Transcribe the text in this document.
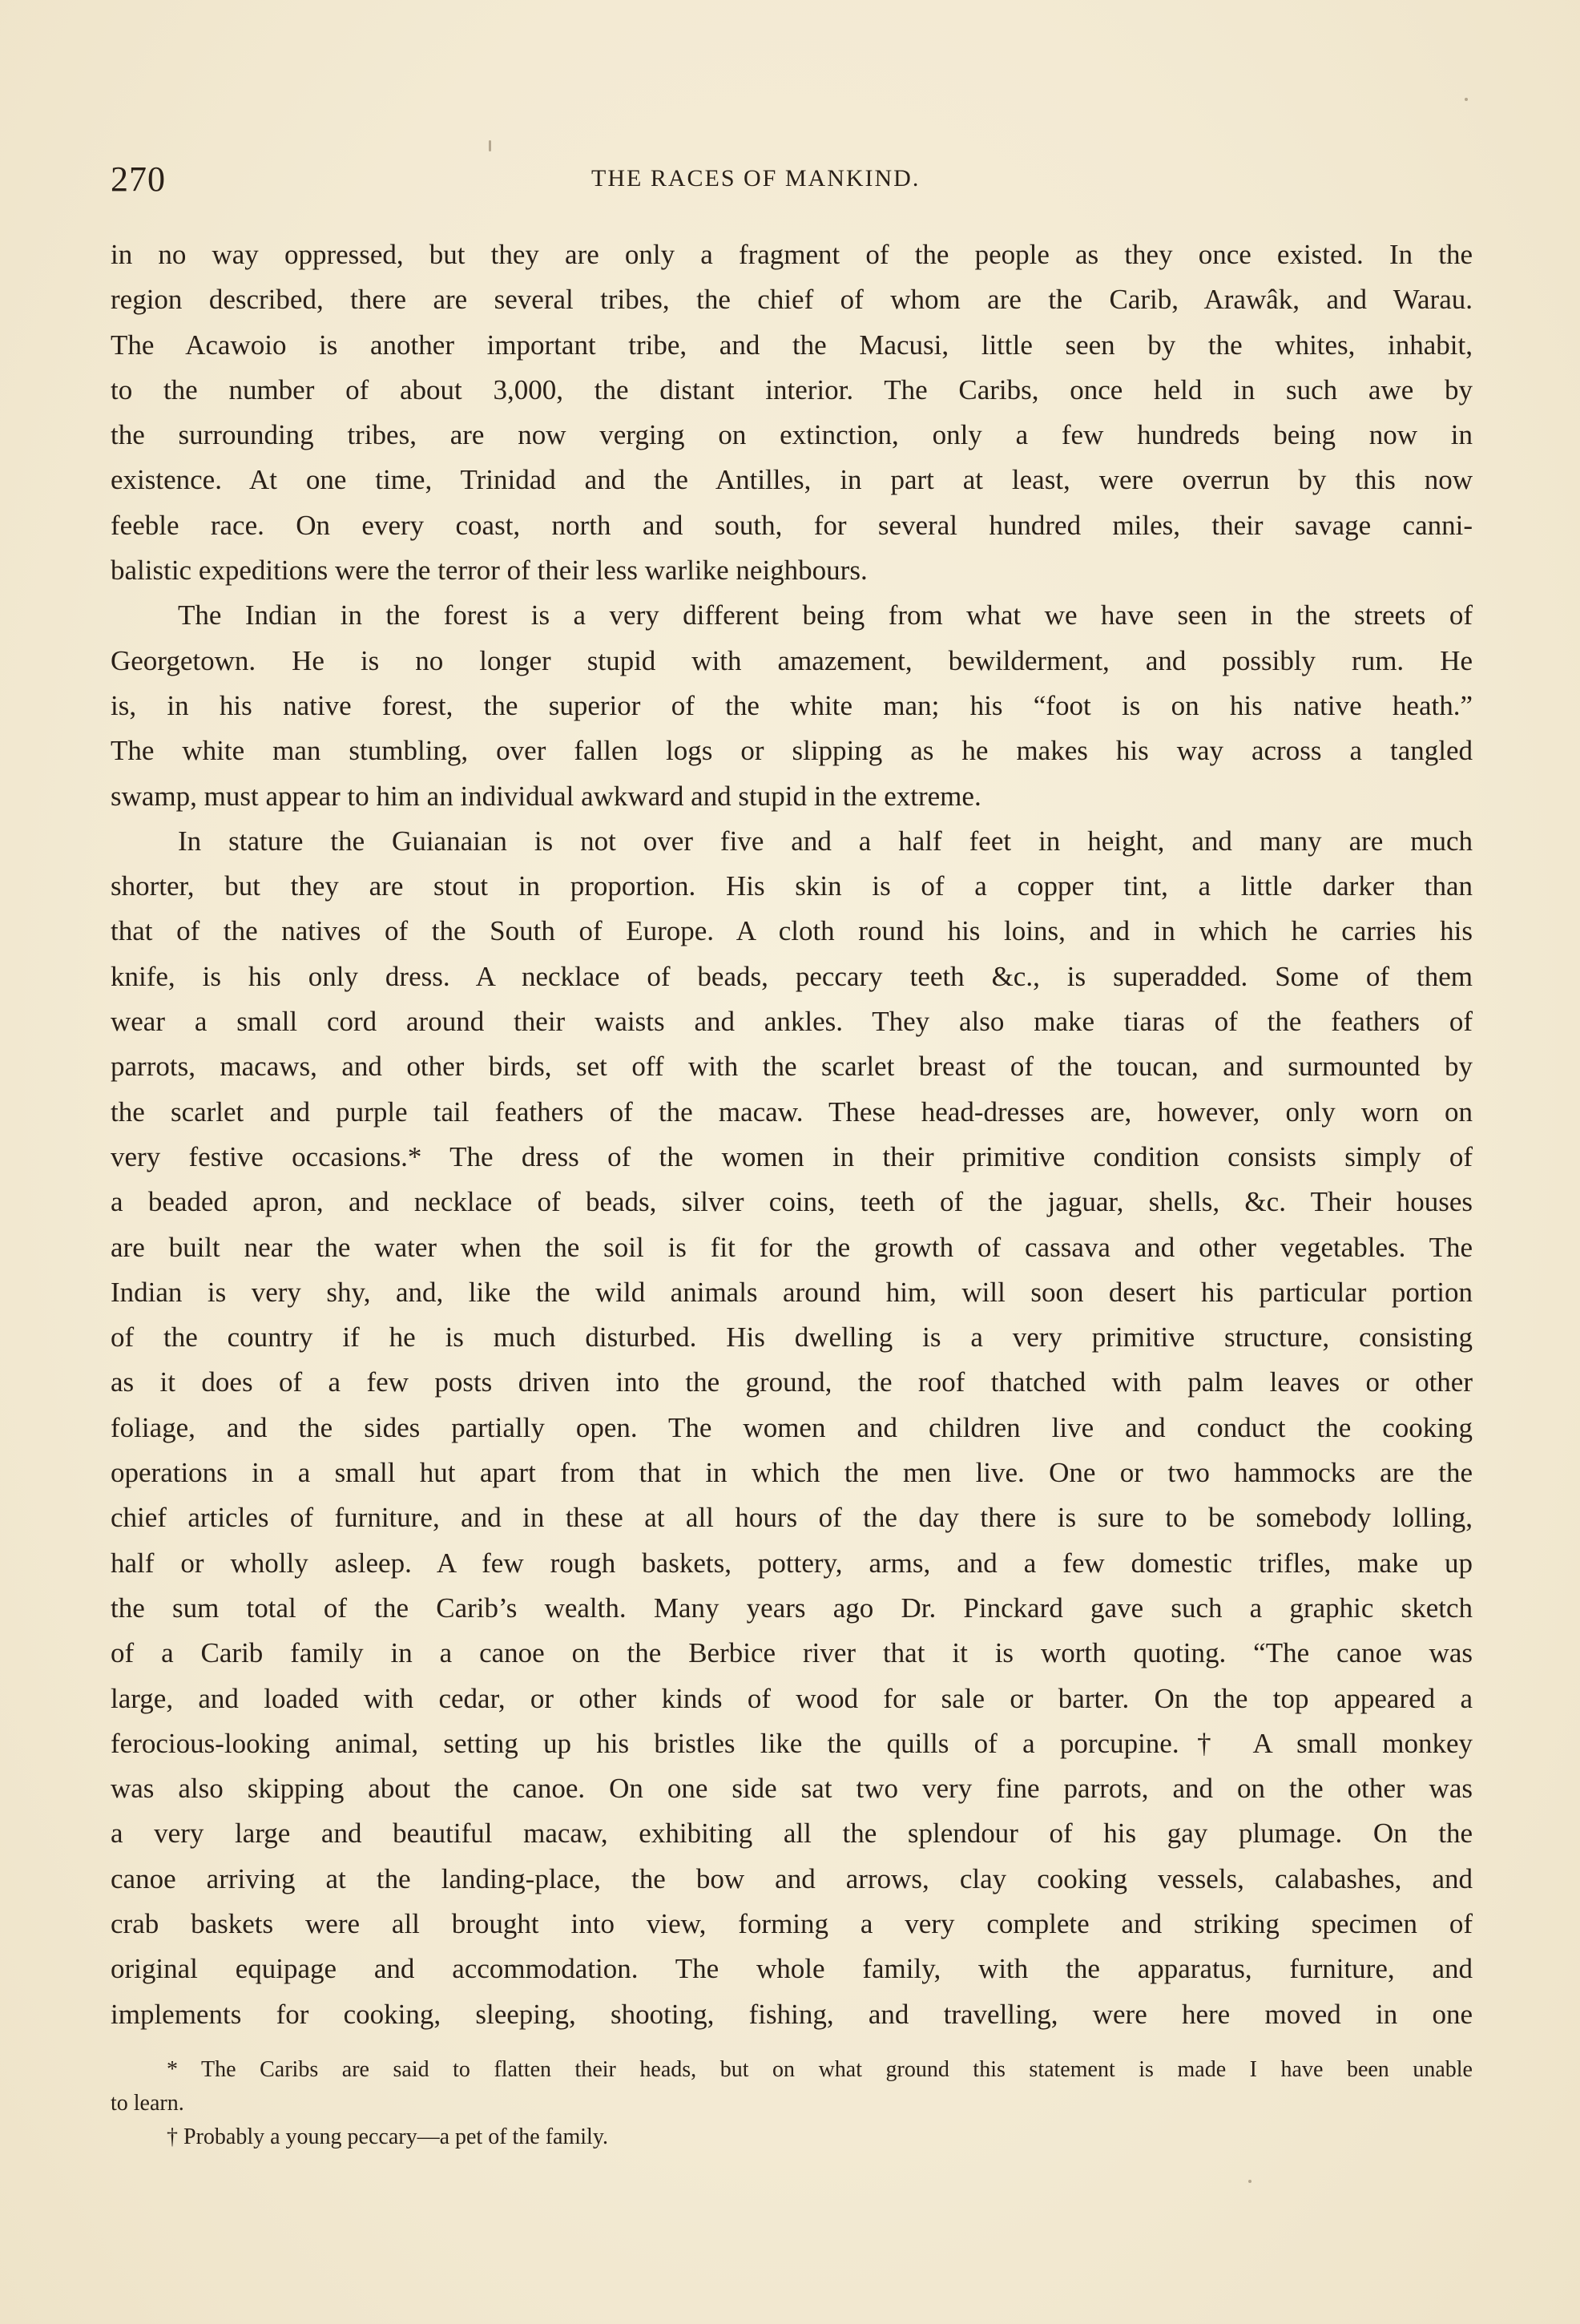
270	THE RACES OF MANKIND.
in no way oppressed, but they are only a fragment of the people as they once existed. In the
region described, there are several tribes, the chief of whom are the Carib, Arawâk, and Warau.
The Acawoio is another important tribe, and the Macusi, little seen by the whites, inhabit,
to the number of about 3,000, the distant interior. The Caribs, once held in such awe by
the surrounding tribes, are now verging on extinction, only a few hundreds being now in
existence. At one time, Trinidad and the Antilles, in part at least, were overrun by this now
feeble race. On every coast, north and south, for several hundred miles, their savage canni-
balistic expeditions were the terror of their less warlike neighbours.
The Indian in the forest is a very different being from what we have seen in the streets of
Georgetown. He is no longer stupid with amazement, bewilderment, and possibly rum. He
is, in his native forest, the superior of the white man; his “foot is on his native heath.”
The white man stumbling, over fallen logs or slipping as he makes his way across a tangled
swamp, must appear to him an individual awkward and stupid in the extreme.
In stature the Guianaian is not over five and a half feet in height, and many are much
shorter, but they are stout in proportion. His skin is of a copper tint, a little darker than
that of the natives of the South of Europe. A cloth round his loins, and in which he carries his
knife, is his only dress. A necklace of beads, peccary teeth &c., is superadded. Some of them
wear a small cord around their waists and ankles. They also make tiaras of the feathers of
parrots, macaws, and other birds, set off with the scarlet breast of the toucan, and surmounted by
the scarlet and purple tail feathers of the macaw. These head-dresses are, however, only worn on
very festive occasions.* The dress of the women in their primitive condition consists simply of
a beaded apron, and necklace of beads, silver coins, teeth of the jaguar, shells, &c. Their houses
are built near the water when the soil is fit for the growth of cassava and other vegetables. The
Indian is very shy, and, like the wild animals around him, will soon desert his particular portion
of the country if he is much disturbed. His dwelling is a very primitive structure, consisting
as it does of a few posts driven into the ground, the roof thatched with palm leaves or other
foliage, and the sides partially open. The women and children live and conduct the cooking
operations in a small hut apart from that in which the men live. One or two hammocks are the
chief articles of furniture, and in these at all hours of the day there is sure to be somebody lolling,
half or wholly asleep. A few rough baskets, pottery, arms, and a few domestic trifles, make up
the sum total of the Carib’s wealth. Many years ago Dr. Pinckard gave such a graphic sketch
of a Carib family in a canoe on the Berbice river that it is worth quoting. “The canoe was
large, and loaded with cedar, or other kinds of wood for sale or barter. On the top appeared a
ferocious-looking animal, setting up his bristles like the quills of a porcupine.† A small monkey
was also skipping about the canoe. On one side sat two very fine parrots, and on the other was
a very large and beautiful macaw, exhibiting all the splendour of his gay plumage. On the
canoe arriving at the landing-place, the bow and arrows, clay cooking vessels, calabashes, and
crab baskets were all brought into view, forming a very complete and striking specimen of
original equipage and accommodation. The whole family, with the apparatus, furniture, and
implements for cooking, sleeping, shooting, fishing, and travelling, were here moved in one
* The Caribs are said to flatten their heads, but on what ground this statement is made I have been unable
to learn.
† Probably a young peccary—a pet of the family.
